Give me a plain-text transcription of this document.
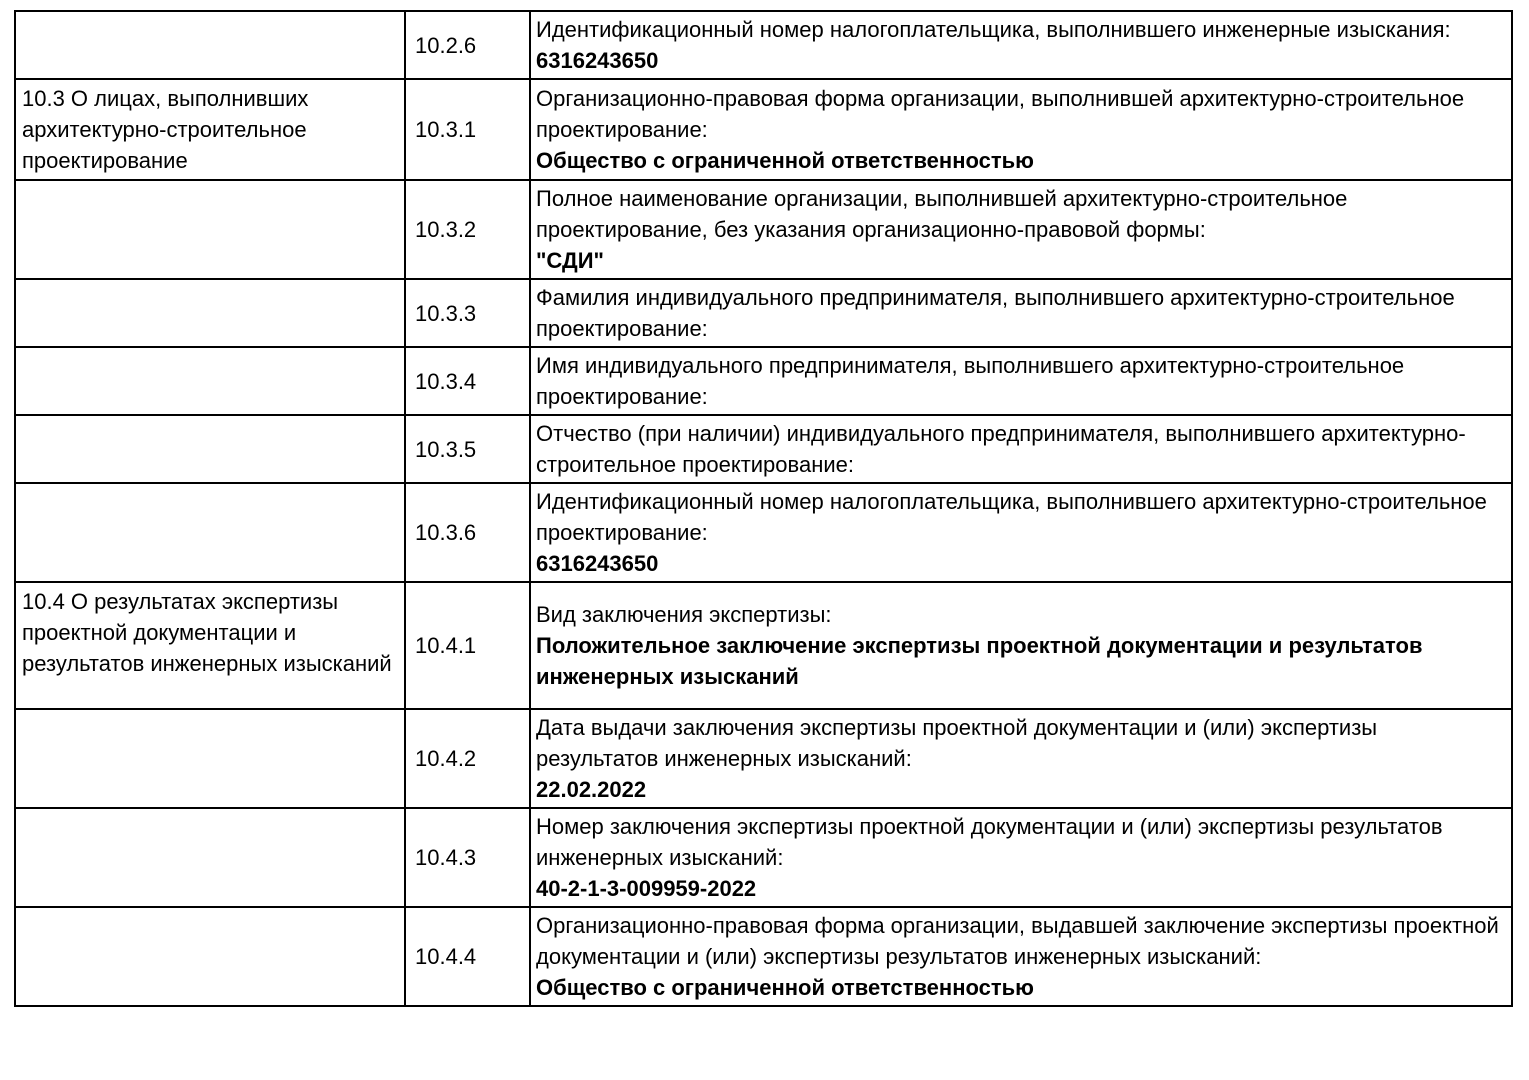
	10.2.6	Идентификационный номер налогоплательщика, выполнившего инженерные изыскания:
6316243650

10.3 О лицах, выполнивших архитектурно-строительное проектирование	10.3.1	Организационно-правовая форма организации, выполнившей архитектурно-строительное проектирование:
Общество с ограниченной ответственностью

	10.3.2	Полное наименование организации, выполнившей архитектурно-строительное проектирование, без указания организационно-правовой формы:
"СДИ"

	10.3.3	Фамилия индивидуального предпринимателя, выполнившего архитектурно-строительное проектирование:

	10.3.4	Имя индивидуального предпринимателя, выполнившего архитектурно-строительное проектирование:

	10.3.5	Отчество (при наличии) индивидуального предпринимателя, выполнившего архитектурно-строительное проектирование:

	10.3.6	Идентификационный номер налогоплательщика, выполнившего архитектурно-строительное проектирование:
6316243650

10.4 О результатах экспертизы проектной документации и результатов инженерных изысканий	10.4.1	Вид заключения экспертизы:
Положительное заключение экспертизы проектной документации и результатов инженерных изысканий

	10.4.2	Дата выдачи заключения экспертизы проектной документации и (или) экспертизы результатов инженерных изысканий:
22.02.2022

	10.4.3	Номер заключения экспертизы проектной документации и (или) экспертизы результатов инженерных изысканий:
40-2-1-3-009959-2022

	10.4.4	Организационно-правовая форма организации, выдавшей заключение экспертизы проектной документации и (или) экспертизы результатов инженерных изысканий:
Общество с ограниченной ответственностью
